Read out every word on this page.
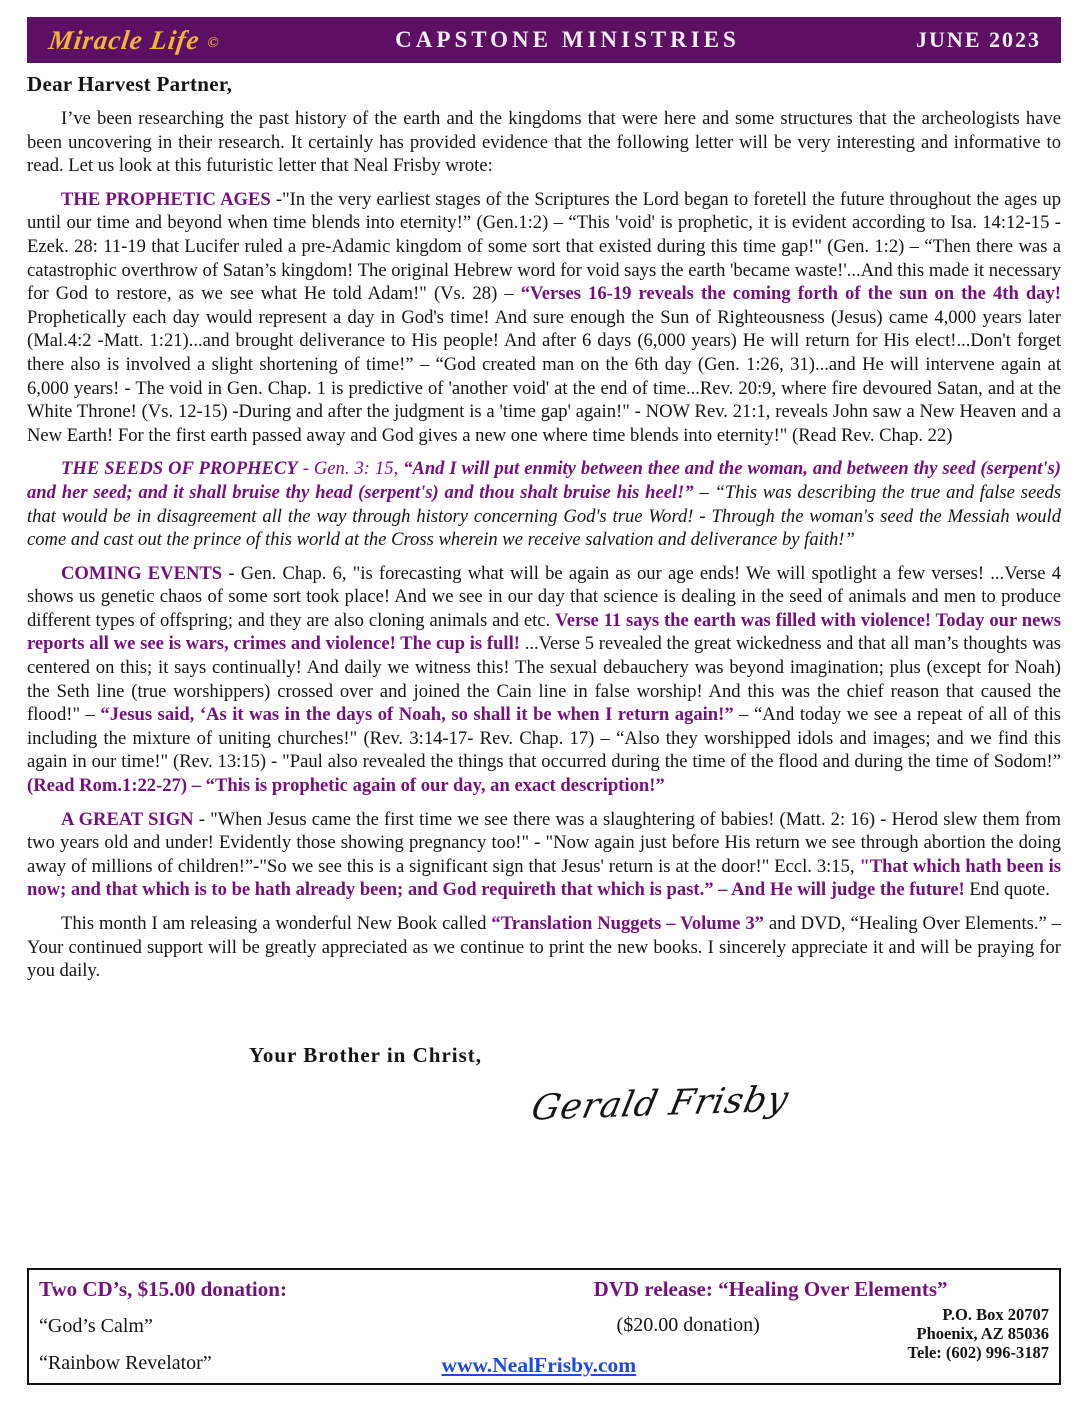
Miracle Life ©	CAPSTONE MINISTRIES	JUNE 2023
Dear Harvest Partner,

I’ve been researching the past history of the earth and the kingdoms that were here and some structures that the archeologists have been uncovering in their research. It certainly has provided evidence that the following letter will be very interesting and informative to read. Let us look at this futuristic letter that Neal Frisby wrote:

THE PROPHETIC AGES -"In the very earliest stages of the Scriptures the Lord began to foretell the future throughout the ages up until our time and beyond when time blends into eternity!” (Gen.1:2) – “This 'void' is prophetic, it is evident according to Isa. 14:12-15 - Ezek. 28: 11-19 that Lucifer ruled a pre-Adamic kingdom of some sort that existed during this time gap!" (Gen. 1:2) – “Then there was a catastrophic overthrow of Satan’s kingdom! The original Hebrew word for void says the earth 'became waste!'...And this made it necessary for God to restore, as we see what He told Adam!" (Vs. 28) – “Verses 16-19 reveals the coming forth of the sun on the 4th day! Prophetically each day would represent a day in God's time! And sure enough the Sun of Righteousness (Jesus) came 4,000 years later (Mal.4:2 -Matt. 1:21)...and brought deliverance to His people! And after 6 days (6,000 years) He will return for His elect!...Don't forget there also is involved a slight shortening of time!” – “God created man on the 6th day (Gen. 1:26, 31)...and He will intervene again at 6,000 years! - The void in Gen. Chap. 1 is predictive of 'another void' at the end of time...Rev. 20:9, where fire devoured Satan, and at the White Throne! (Vs. 12-15) -During and after the judgment is a 'time gap' again!" - NOW Rev. 21:1, reveals John saw a New Heaven and a New Earth! For the first earth passed away and God gives a new one where time blends into eternity!" (Read Rev. Chap. 22)

THE SEEDS OF PROPHECY - Gen. 3: 15, “And I will put enmity between thee and the woman, and between thy seed (serpent's) and her seed; and it shall bruise thy head (serpent's) and thou shalt bruise his heel!” – “This was describing the true and false seeds that would be in disagreement all the way through history concerning God's true Word! - Through the woman's seed the Messiah would come and cast out the prince of this world at the Cross wherein we receive salvation and deliverance by faith!”

COMING EVENTS - Gen. Chap. 6, "is forecasting what will be again as our age ends! We will spotlight a few verses! ...Verse 4 shows us genetic chaos of some sort took place! And we see in our day that science is dealing in the seed of animals and men to produce different types of offspring; and they are also cloning animals and etc. Verse 11 says the earth was filled with violence! Today our news reports all we see is wars, crimes and violence! The cup is full! ...Verse 5 revealed the great wickedness and that all man’s thoughts was centered on this; it says continually! And daily we witness this! The sexual debauchery was beyond imagination; plus (except for Noah) the Seth line (true worshippers) crossed over and joined the Cain line in false worship! And this was the chief reason that caused the flood!" – “Jesus said, ‘As it was in the days of Noah, so shall it be when I return again!” – “And today we see a repeat of all of this including the mixture of uniting churches!" (Rev. 3:14-17- Rev. Chap. 17) – “Also they worshipped idols and images; and we find this again in our time!" (Rev. 13:15) - "Paul also revealed the things that occurred during the time of the flood and during the time of Sodom!” (Read Rom.1:22-27) – “This is prophetic again of our day, an exact description!”

A GREAT SIGN - "When Jesus came the first time we see there was a slaughtering of babies! (Matt. 2: 16) - Herod slew them from two years old and under! Evidently those showing pregnancy too!" - "Now again just before His return we see through abortion the doing away of millions of children!”-"So we see this is a significant sign that Jesus' return is at the door!" Eccl. 3:15, "That which hath been is now; and that which is to be hath already been; and God requireth that which is past.” – And He will judge the future! End quote.

This month I am releasing a wonderful New Book called “Translation Nuggets – Volume 3” and DVD, “Healing Over Elements.” – Your continued support will be greatly appreciated as we continue to print the new books. I sincerely appreciate it and will be praying for you daily.

Your Brother in Christ,
Gerald Frisby
Two CD’s, $15.00 donation:	DVD release: “Healing Over Elements”
“God’s Calm”	($20.00 donation)	P.O. Box 20707
Phoenix, AZ 85036
Tele: (602) 996-3187
“Rainbow Revelator”	www.NealFrisby.com
